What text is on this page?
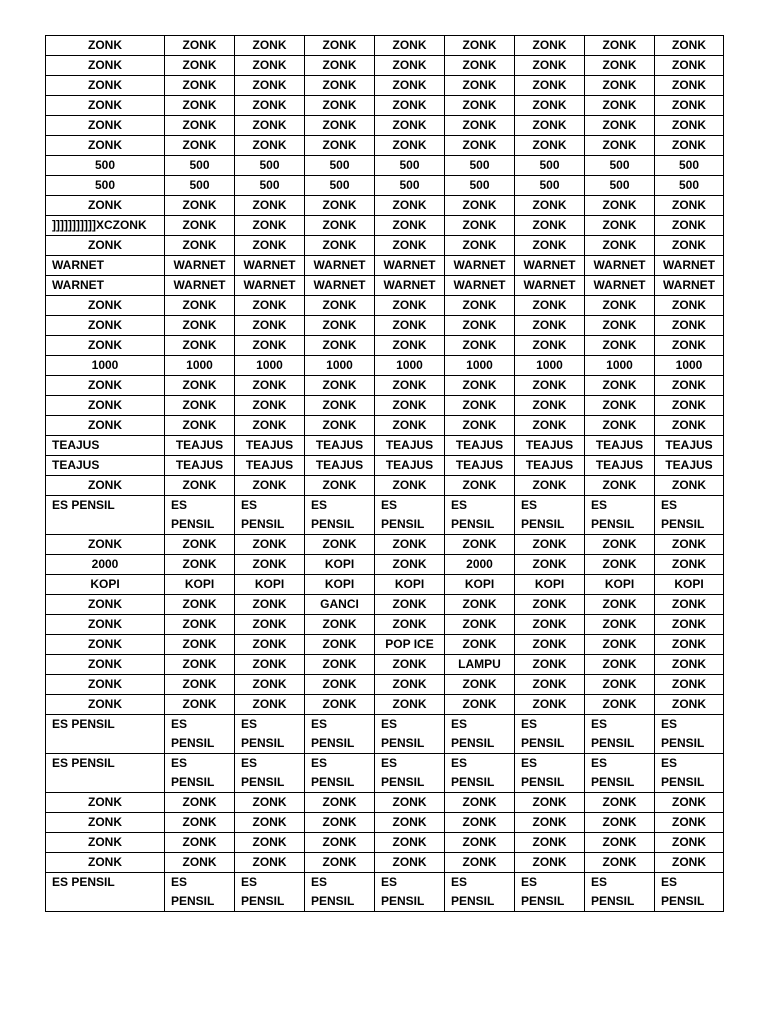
ZONK	ZONK	ZONK	ZONK	ZONK	ZONK	ZONK	ZONK	ZONK
ZONK	ZONK	ZONK	ZONK	ZONK	ZONK	ZONK	ZONK	ZONK
ZONK	ZONK	ZONK	ZONK	ZONK	ZONK	ZONK	ZONK	ZONK
ZONK	ZONK	ZONK	ZONK	ZONK	ZONK	ZONK	ZONK	ZONK
ZONK	ZONK	ZONK	ZONK	ZONK	ZONK	ZONK	ZONK	ZONK
ZONK	ZONK	ZONK	ZONK	ZONK	ZONK	ZONK	ZONK	ZONK
500	500	500	500	500	500	500	500	500
500	500	500	500	500	500	500	500	500
ZONK	ZONK	ZONK	ZONK	ZONK	ZONK	ZONK	ZONK	ZONK
]]]]]]]]]]]XCZONK	ZONK	ZONK	ZONK	ZONK	ZONK	ZONK	ZONK	ZONK
ZONK	ZONK	ZONK	ZONK	ZONK	ZONK	ZONK	ZONK	ZONK
WARNET	WARNET	WARNET	WARNET	WARNET	WARNET	WARNET	WARNET	WARNET
WARNET	WARNET	WARNET	WARNET	WARNET	WARNET	WARNET	WARNET	WARNET
ZONK	ZONK	ZONK	ZONK	ZONK	ZONK	ZONK	ZONK	ZONK
ZONK	ZONK	ZONK	ZONK	ZONK	ZONK	ZONK	ZONK	ZONK
ZONK	ZONK	ZONK	ZONK	ZONK	ZONK	ZONK	ZONK	ZONK
1000	1000	1000	1000	1000	1000	1000	1000	1000
ZONK	ZONK	ZONK	ZONK	ZONK	ZONK	ZONK	ZONK	ZONK
ZONK	ZONK	ZONK	ZONK	ZONK	ZONK	ZONK	ZONK	ZONK
ZONK	ZONK	ZONK	ZONK	ZONK	ZONK	ZONK	ZONK	ZONK
TEAJUS	TEAJUS	TEAJUS	TEAJUS	TEAJUS	TEAJUS	TEAJUS	TEAJUS	TEAJUS
TEAJUS	TEAJUS	TEAJUS	TEAJUS	TEAJUS	TEAJUS	TEAJUS	TEAJUS	TEAJUS
ZONK	ZONK	ZONK	ZONK	ZONK	ZONK	ZONK	ZONK	ZONK
ES PENSIL	ES PENSIL	ES PENSIL	ES PENSIL	ES PENSIL	ES PENSIL	ES PENSIL	ES PENSIL	ES PENSIL
ZONK	ZONK	ZONK	ZONK	ZONK	ZONK	ZONK	ZONK	ZONK
2000	ZONK	ZONK	KOPI	ZONK	2000	ZONK	ZONK	ZONK
KOPI	KOPI	KOPI	KOPI	KOPI	KOPI	KOPI	KOPI	KOPI
ZONK	ZONK	ZONK	GANCI	ZONK	ZONK	ZONK	ZONK	ZONK
ZONK	ZONK	ZONK	ZONK	ZONK	ZONK	ZONK	ZONK	ZONK
ZONK	ZONK	ZONK	ZONK	POP ICE	ZONK	ZONK	ZONK	ZONK
ZONK	ZONK	ZONK	ZONK	ZONK	LAMPU	ZONK	ZONK	ZONK
ZONK	ZONK	ZONK	ZONK	ZONK	ZONK	ZONK	ZONK	ZONK
ZONK	ZONK	ZONK	ZONK	ZONK	ZONK	ZONK	ZONK	ZONK
ES PENSIL	ES PENSIL	ES PENSIL	ES PENSIL	ES PENSIL	ES PENSIL	ES PENSIL	ES PENSIL	ES PENSIL
ES PENSIL	ES PENSIL	ES PENSIL	ES PENSIL	ES PENSIL	ES PENSIL	ES PENSIL	ES PENSIL	ES PENSIL
ZONK	ZONK	ZONK	ZONK	ZONK	ZONK	ZONK	ZONK	ZONK
ZONK	ZONK	ZONK	ZONK	ZONK	ZONK	ZONK	ZONK	ZONK
ZONK	ZONK	ZONK	ZONK	ZONK	ZONK	ZONK	ZONK	ZONK
ZONK	ZONK	ZONK	ZONK	ZONK	ZONK	ZONK	ZONK	ZONK
ES PENSIL	ES PENSIL	ES PENSIL	ES PENSIL	ES PENSIL	ES PENSIL	ES PENSIL	ES PENSIL	ES PENSIL
